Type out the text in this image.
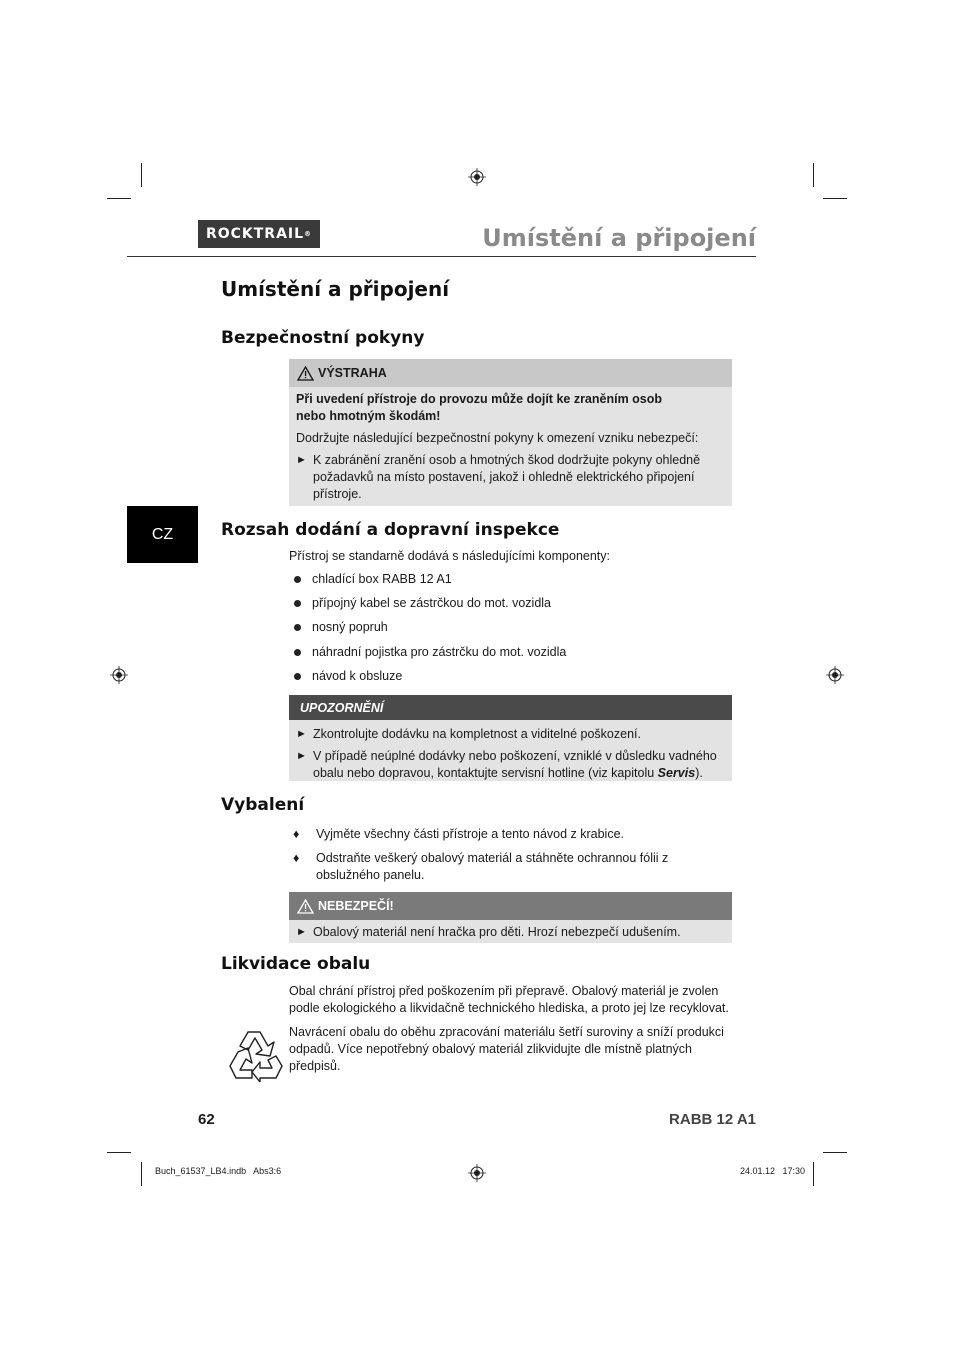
ROCKTRAIL ®	Umístění a připojení
Umístění a připojení
Bezpečnostní pokyny
VÝSTRAHA
Při uvedení přístroje do provozu může dojít ke zraněním osob
nebo hmotným škodám!
Dodržujte následující bezpečnostní pokyny k omezení vzniku nebezpečí:
► K zabránění zranění osob a hmotných škod dodržujte pokyny ohledně
požadavků na místo postavení, jakož i ohledně elektrického připojení
přístroje.
CZ	Rozsah dodání a dopravní inspekce
Přístroj se standarně dodává s následujícími komponenty:
chladící box RABB 12 A1
přípojný kabel se zástrčkou do mot. vozidla
nosný popruh
náhradní pojistka pro zástrčku do mot. vozidla
návod k obsluze
UPOZORNĚNÍ
► Zkontrolujte dodávku na kompletnost a viditelné poškození.
► V případě neúplné dodávky nebo poškození, vzniklé v důsledku vadného
obalu nebo dopravou, kontaktujte servisní hotline (viz kapitolu Servis).
Vybalení
♦	Vyjměte všechny části přístroje a tento návod z krabice.
♦	Odstraňte veškerý obalový materiál a stáhněte ochrannou fólii z
obslužného panelu.
NEBEZPEČÍ!
► Obalový materiál není hračka pro děti. Hrozí nebezpečí udušením.
Likvidace obalu
Obal chrání přístroj před poškozením při přepravě. Obalový materiál je zvolen
podle ekologického a likvidačně technického hlediska, a proto jej lze recyklovat.
Navrácení obalu do oběhu zpracování materiálu šetří suroviny a sníží produkci
odpadů. Více nepotřebný obalový materiál zlikvidujte dle místně platných
předpisů.
62	RABB 12 A1
Buch_61537_LB4.indb   Abs3:6	24.01.12   17:30
